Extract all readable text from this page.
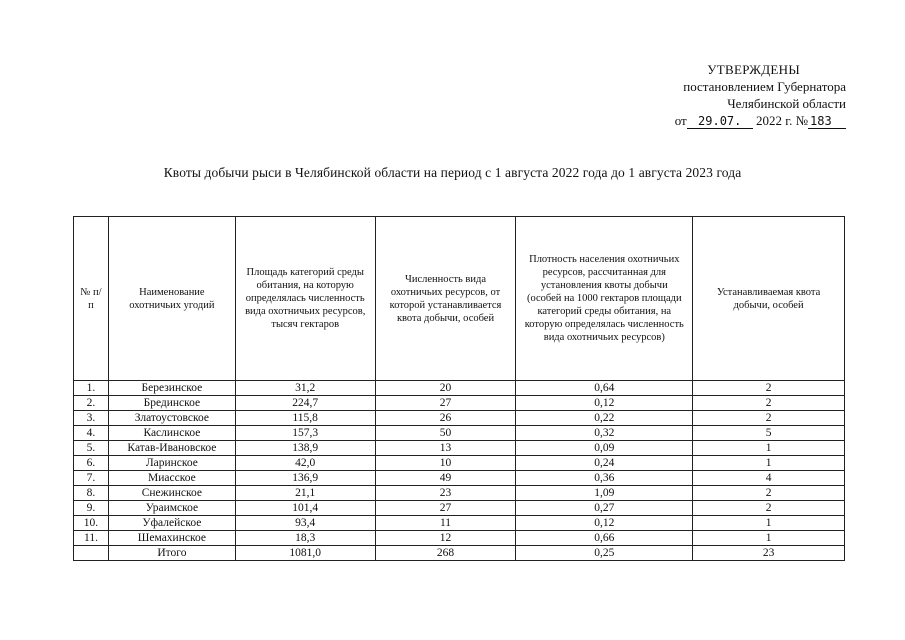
УТВЕРЖДЕНЫ
постановлением Губернатора
Челябинской области
от 29.07. 2022 г. № 183
Квоты добычи рыси в Челябинской области на период с 1 августа 2022 года до 1 августа 2023 года
№ п/п	Наименование охотничьих угодий	Площадь категорий среды обитания, на которую определялась численность вида охотничьих ресурсов, тысяч гектаров	Численность вида охотничьих ресурсов, от которой устанавливается квота добычи, особей	Плотность населения охотничьих ресурсов, рассчитанная для установления квоты добычи (особей на 1000 гектаров площади категорий среды обитания, на которую определялась численность вида охотничьих ресурсов)	Устанавливаемая квота добычи, особей
1.	Березинское	31,2	20	0,64	2
2.	Брединское	224,7	27	0,12	2
3.	Златоустовское	115,8	26	0,22	2
4.	Каслинское	157,3	50	0,32	5
5.	Катав-Ивановское	138,9	13	0,09	1
6.	Ларинское	42,0	10	0,24	1
7.	Миасское	136,9	49	0,36	4
8.	Снежинское	21,1	23	1,09	2
9.	Ураимское	101,4	27	0,27	2
10.	Уфалейское	93,4	11	0,12	1
11.	Шемахинское	18,3	12	0,66	1
	Итого	1081,0	268	0,25	23
